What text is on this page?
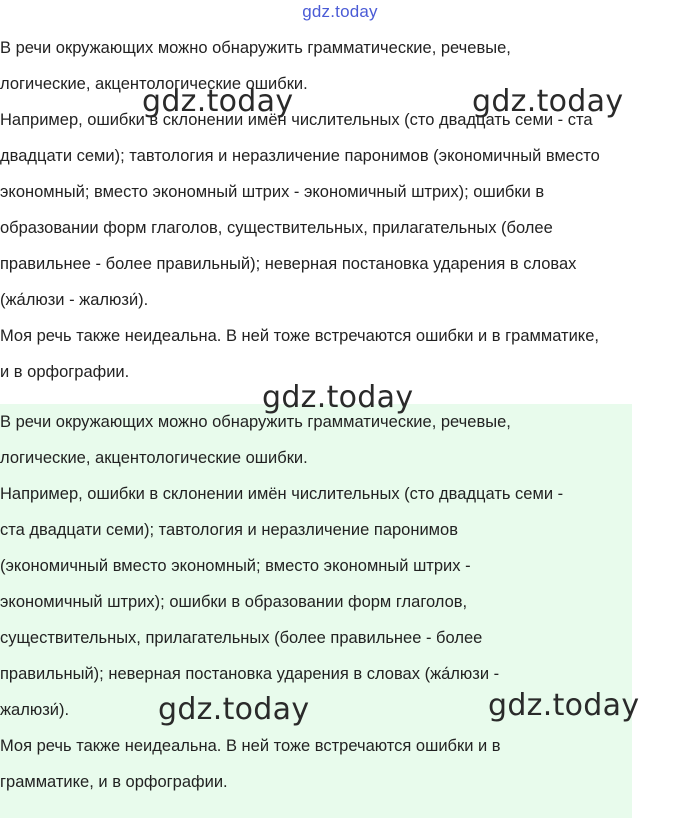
gdz.today

В речи окружающих можно обнаружить грамматические, речевые,

логические, акцентологические ошибки.

Например, ошибки в склонении имён числительных (сто двадцать семи - ста

двадцати семи); тавтология и неразличение паронимов (экономичный вместо

экономный; вместо экономный штрих - экономичный штрих); ошибки в

образовании форм глаголов, существительных, прилагательных (более

правильнее - более правильный); неверная постановка ударения в словах

(жа́люзи - жалюзи́).

Моя речь также неидеальна. В ней тоже встречаются ошибки и в грамматике,

и в орфографии.

В речи окружающих можно обнаружить грамматические, речевые,

логические, акцентологические ошибки.

Например, ошибки в склонении имён числительных (сто двадцать семи -

ста двадцати семи); тавтология и неразличение паронимов

(экономичный вместо экономный; вместо экономный штрих -

экономичный штрих); ошибки в образовании форм глаголов,

существительных, прилагательных (более правильнее - более

правильный); неверная постановка ударения в словах (жа́люзи -

жалюзи́).

Моя речь также неидеальна. В ней тоже встречаются ошибки и в

грамматике, и в орфографии.

gdz.today	gdz.today
gdz.today
gdz.today	gdz.today
